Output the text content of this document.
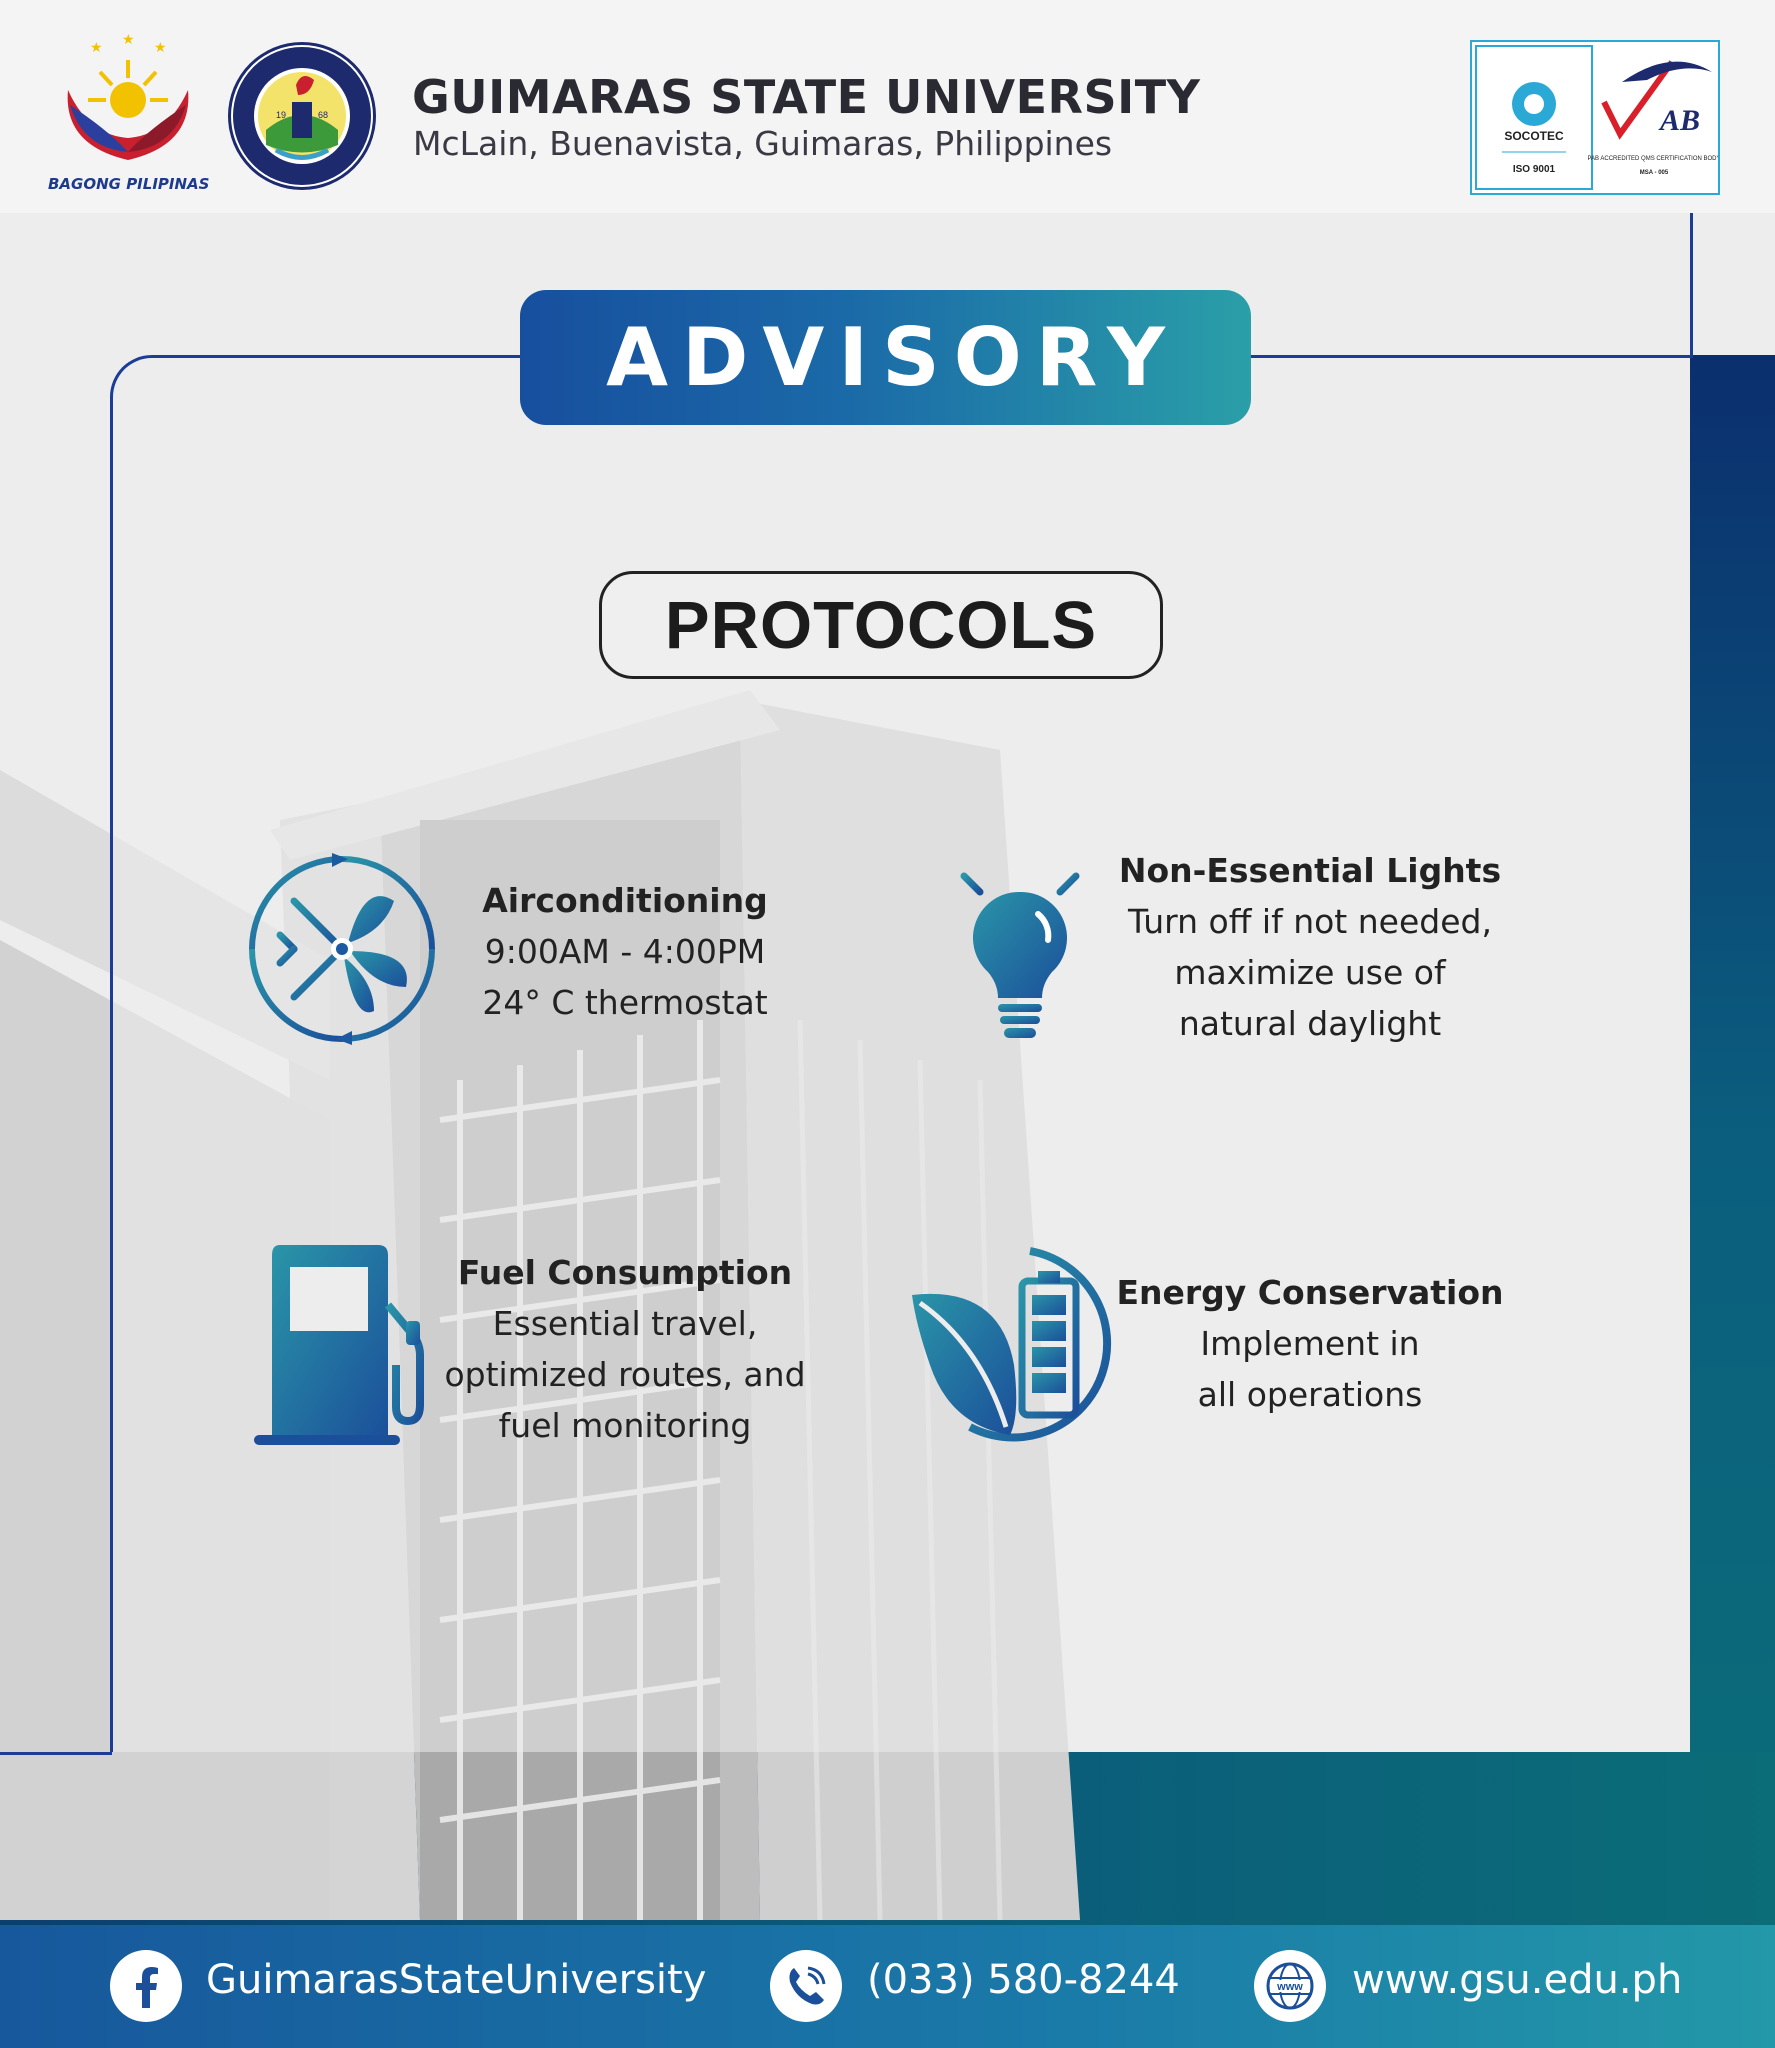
★ ★ ★
BAGONG PILIPINAS
19	68 GUIMARAS STATE UNIVERSITY
McLain, Buenavista, Guimaras, Philippines	SOCOTEC
ISO 9001
AB
PAB ACCREDITED QMS CERTIFICATION BODY
MSA - 005
ADVISORY
PROTOCOLS
Airconditioning
9:00AM - 4:00PM
24° C thermostat
Non-Essential Lights
Turn off if not needed,
maximize use of
natural daylight
Fuel Consumption
Essential travel,
optimized routes, and
fuel monitoring
Energy Conservation
Implement in
all operations
GuimarasStateUniversity	(033) 580-8244	www www.gsu.edu.ph
